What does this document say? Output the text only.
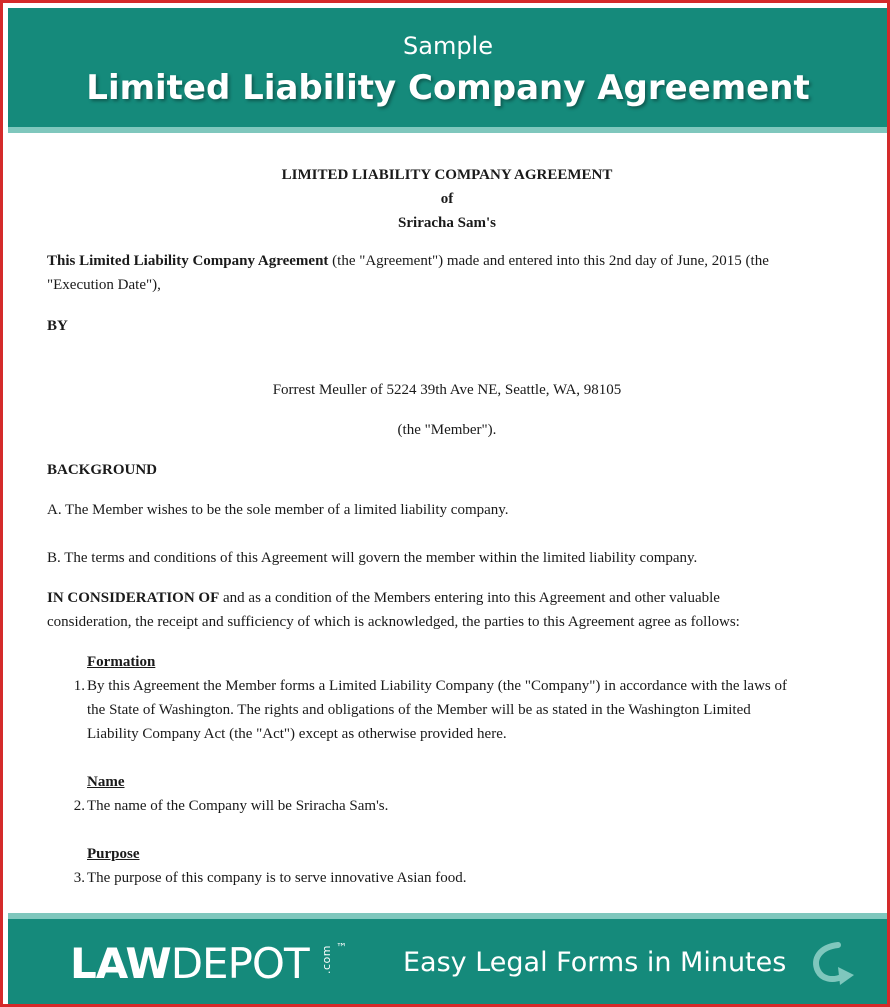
Sample
Limited Liability Company Agreement
LIMITED LIABILITY COMPANY AGREEMENT
of
Sriracha Sam's
This Limited Liability Company Agreement (the "Agreement") made and entered into this 2nd day of June, 2015 (the
"Execution Date"),
BY
Forrest Meuller of 5224 39th Ave NE, Seattle, WA, 98105
(the "Member").
BACKGROUND
A. The Member wishes to be the sole member of a limited liability company.
B. The terms and conditions of this Agreement will govern the member within the limited liability company.
IN CONSIDERATION OF and as a condition of the Members entering into this Agreement and other valuable
consideration, the receipt and sufficiency of which is acknowledged, the parties to this Agreement agree as follows:
Formation
1. By this Agreement the Member forms a Limited Liability Company (the "Company") in accordance with the laws of
the State of Washington. The rights and obligations of the Member will be as stated in the Washington Limited
Liability Company Act (the "Act") except as otherwise provided here.
Name
2. The name of the Company will be Sriracha Sam's.
Purpose
3. The purpose of this company is to serve innovative Asian food.
LAWDEPOT .com ™ Easy Legal Forms in Minutes
